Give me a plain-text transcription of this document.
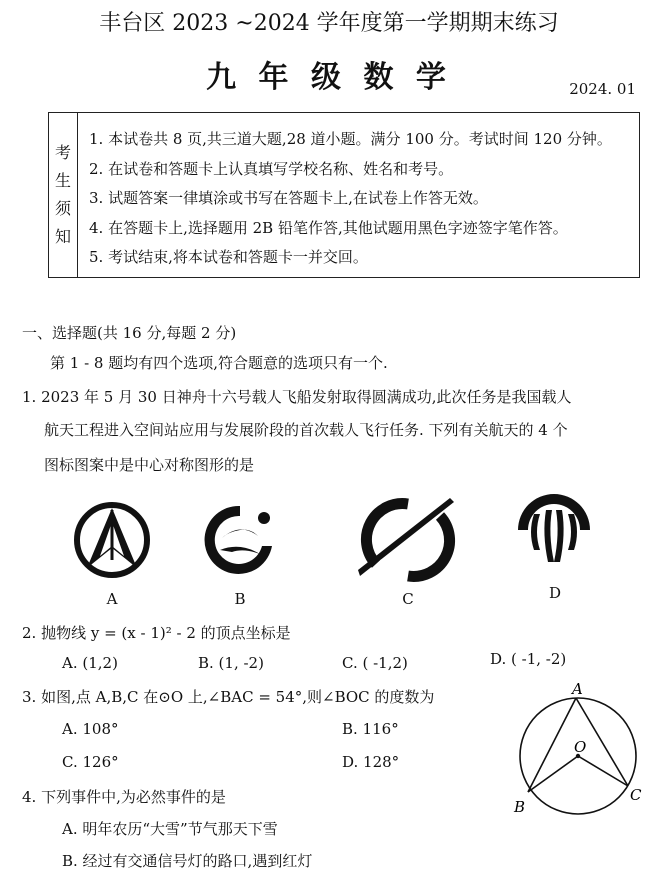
丰台区 2023 ~2024 学年度第一学期期末练习
九 年 级 数 学	2024. 01
考
生
须
知
1. 本试卷共 8 页,共三道大题,28 道小题。满分 100 分。考试时间 120 分钟。
2. 在试卷和答题卡上认真填写学校名称、姓名和考号。
3. 试题答案一律填涂或书写在答题卡上,在试卷上作答无效。
4. 在答题卡上,选择题用 2B 铅笔作答,其他试题用黑色字迹签字笔作答。
5. 考试结束,将本试卷和答题卡一并交回。
一、选择题(共 16 分,每题 2 分)
第 1 - 8 题均有四个选项,符合题意的选项只有一个.
1. 2023 年 5 月 30 日神舟十六号载人飞船发射取得圆满成功,此次任务是我国载人
航天工程进入空间站应用与发展阶段的首次载人飞行任务. 下列有关航天的 4 个
图标图案中是中心对称图形的是
A	B	C	D
2. 抛物线 y = (x - 1)² - 2 的顶点坐标是
A. (1,2)	B. (1, -2)	C. ( -1,2)	D. ( -1, -2)
3. 如图,点 A,B,C 在⊙O 上,∠BAC = 54°,则∠BOC 的度数为
A. 108°	B. 116°
C. 126°	D. 128°
A
O
B
C
4. 下列事件中,为必然事件的是
A. 明年农历“大雪”节气那天下雪
B. 经过有交通信号灯的路口,遇到红灯
